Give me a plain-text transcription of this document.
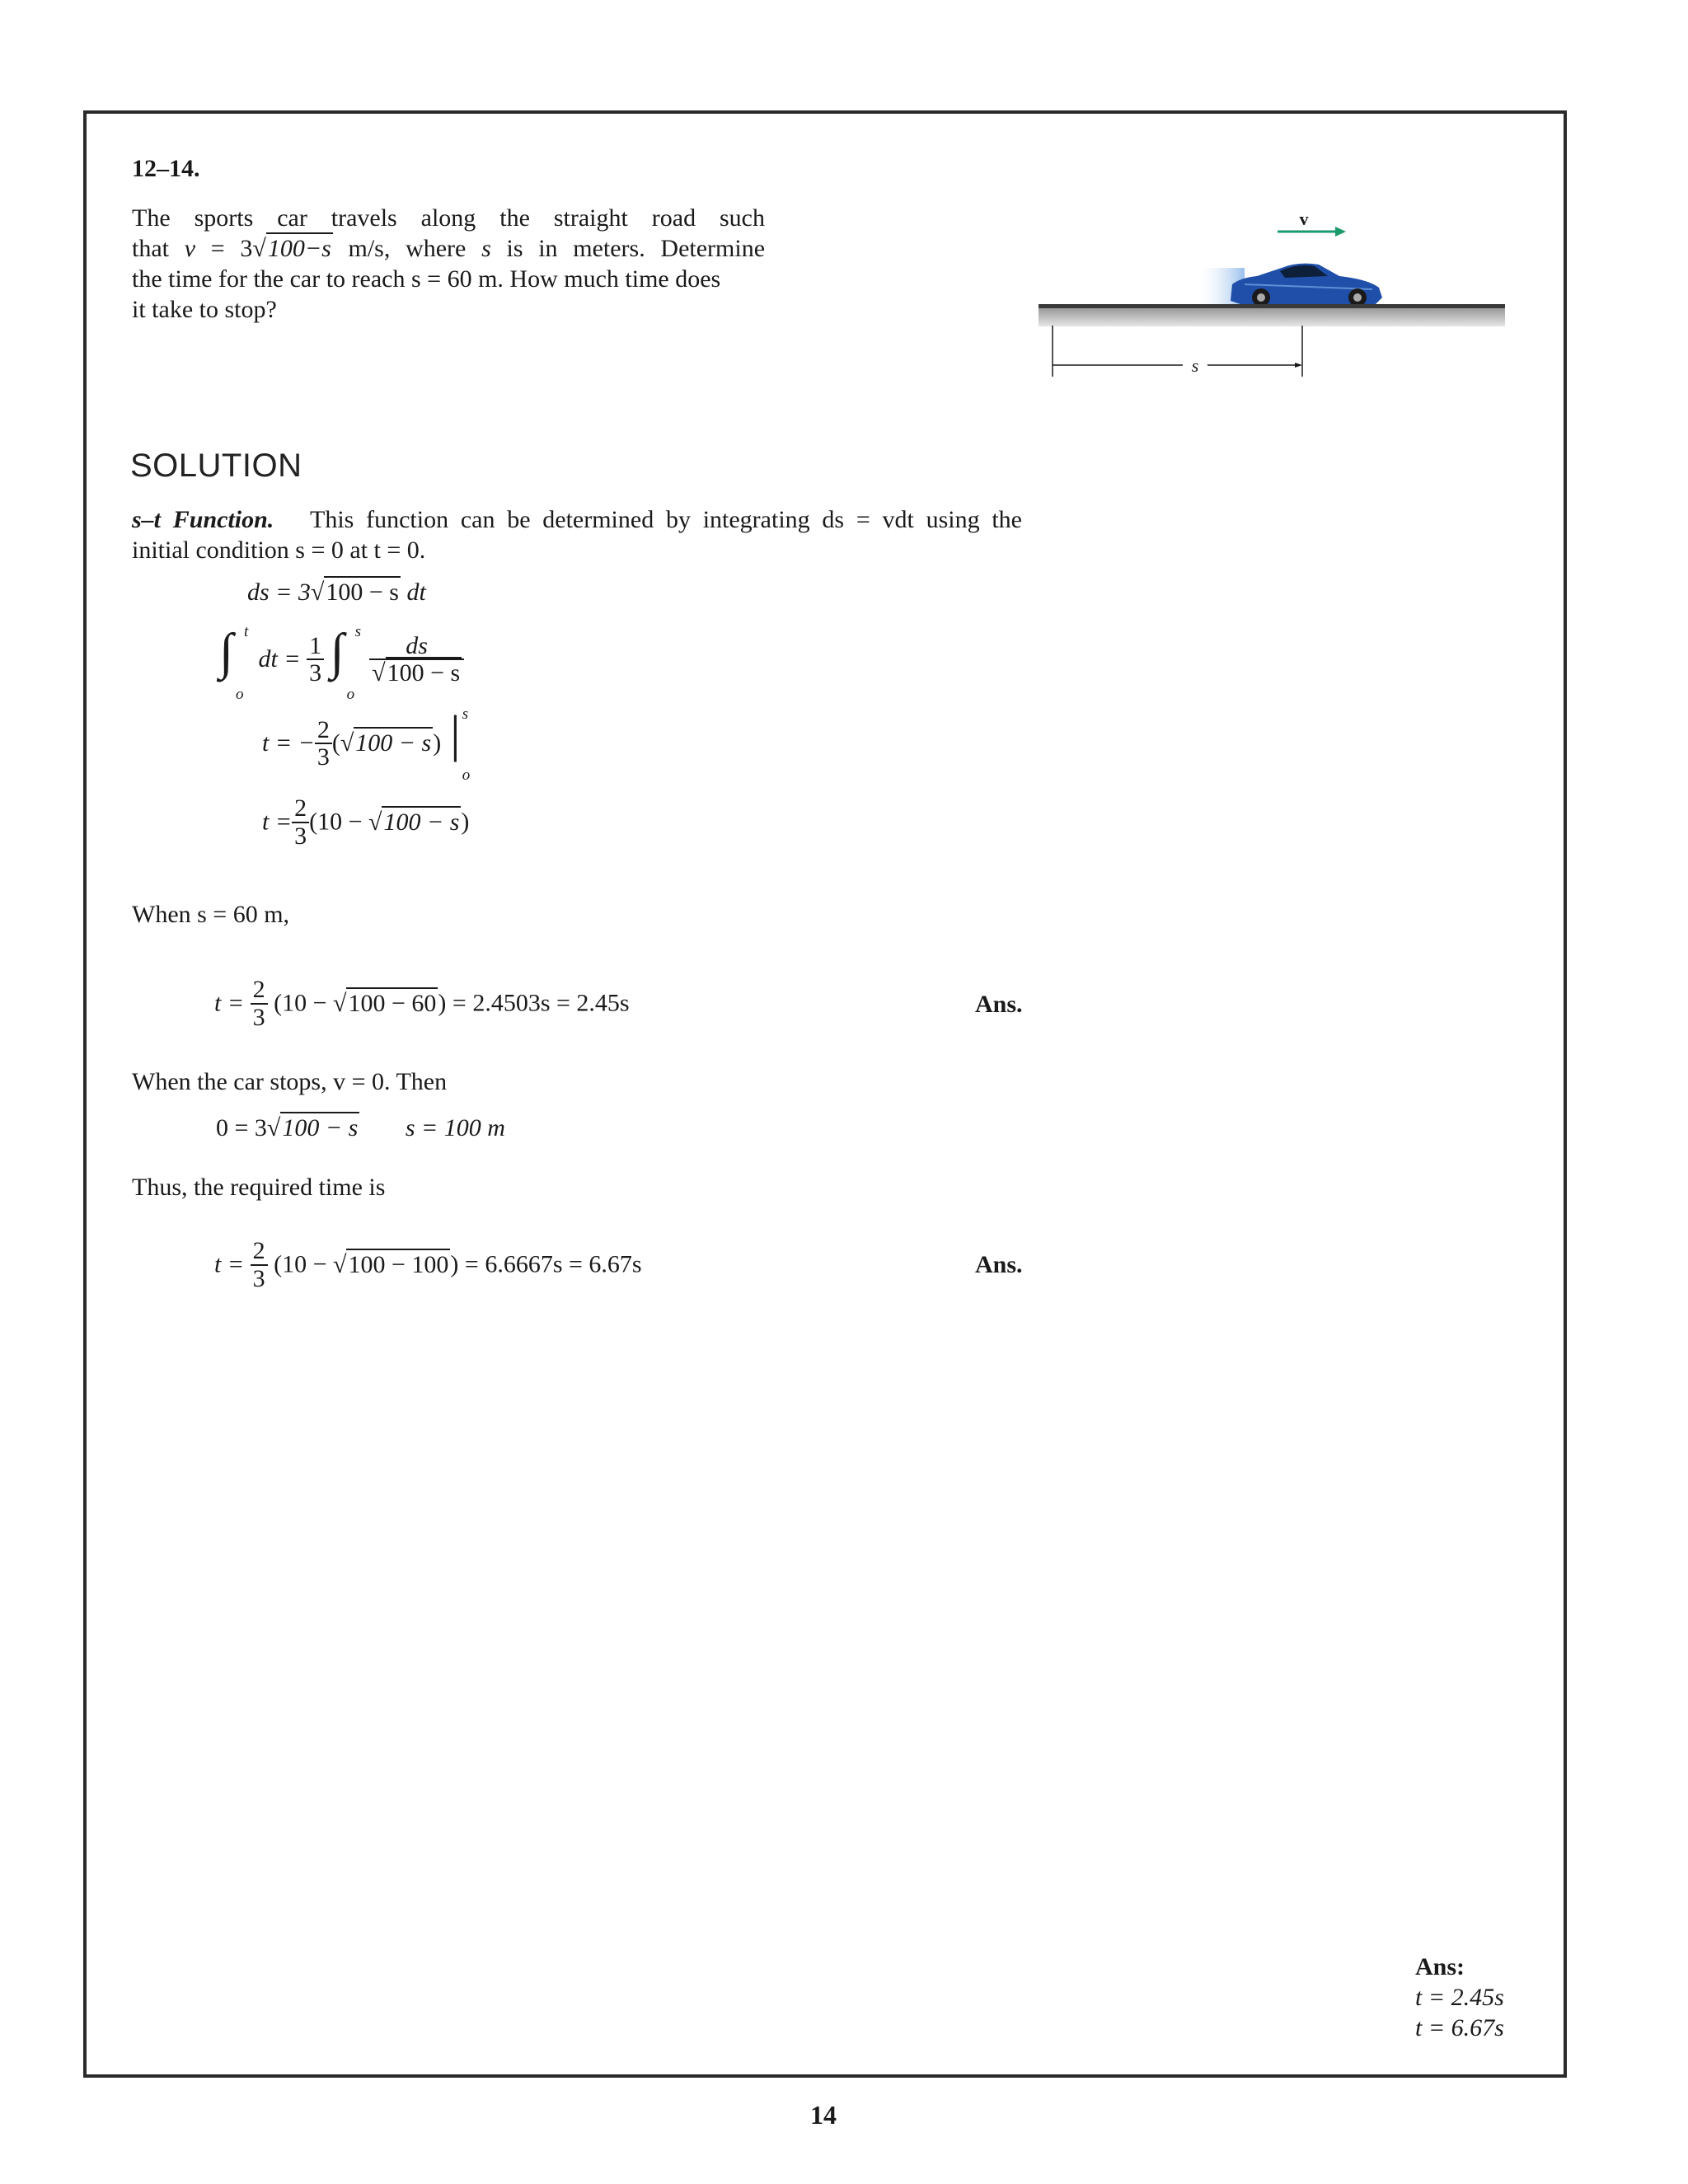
12–14.
The sports car travels along the straight road such
that v = 3√100−s m/s, where s is in meters. Determine
the time for the car to reach s = 60 m. How much time does
it take to stop?
v
s
SOLUTION
s–t Function. This function can be determined by integrating ds = vdt using the
initial condition s = 0 at t = 0.
ds = 3√100 − s dt
∫ t
o
dt = $\frac{1}{3}$
∫ s
o

$\frac{ds}{√100 - s}$
t = − $\frac{2}{3} (√100 - s)$ | s
o
$t = \frac{2}{3} (10 - √100 - s)$
When s = 60 m,
$t = \frac{2}{3} (10 - √100 - 60) = 2.4503s = 2.45s$	Ans.
When the car stops, v = 0. Then
0 = 3√100 − s s = 100 m
Thus, the required time is
$t = \frac{2}{3} (10 - √100 - 100) = 6.6667s = 6.67s$	Ans.
Ans:
t = 2.45s
t = 6.67s
14
